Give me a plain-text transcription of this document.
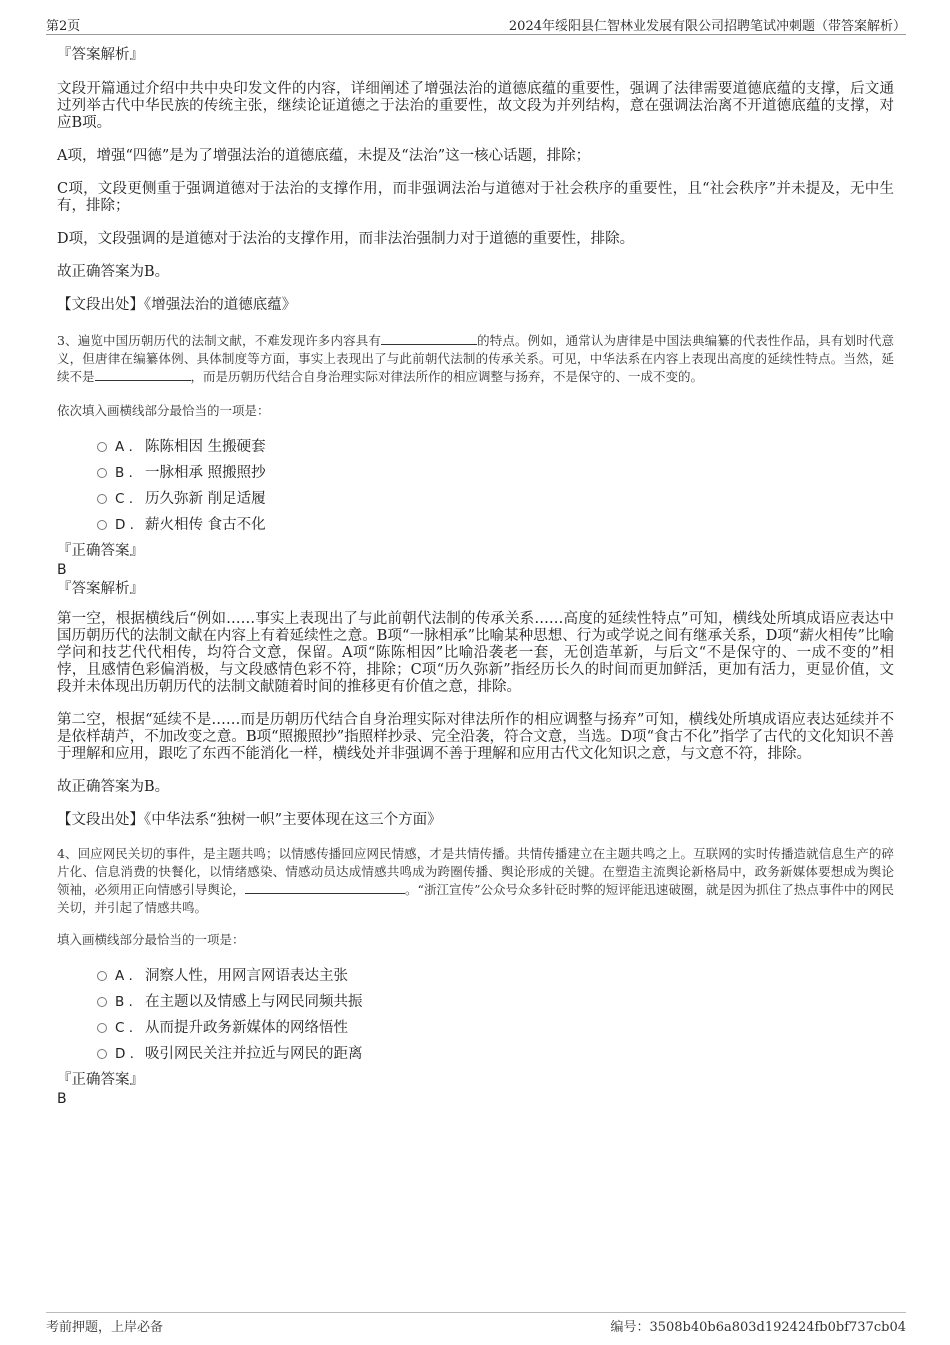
第2页	2024年绥阳县仁智林业发展有限公司招聘笔试冲刺题（带答案解析）

『答案解析』

文段开篇通过介绍中共中央印发文件的内容，详细阐述了增强法治的道德底蕴的重要性，强调了法律需要道德底蕴的支撑，后文通过列举古代中华民族的传统主张，继续论证道德之于法治的重要性，故文段为并列结构，意在强调法治离不开道德底蕴的支撑，对应B项。

A项，增强“四德”是为了增强法治的道德底蕴，未提及“法治”这一核心话题，排除；

C项，文段更侧重于强调道德对于法治的支撑作用，而非强调法治与道德对于社会秩序的重要性，且“社会秩序”并未提及，无中生有，排除；

D项，文段强调的是道德对于法治的支撑作用，而非法治强制力对于道德的重要性，排除。

故正确答案为B。

【文段出处】《增强法治的道德底蕴》

3、遍览中国历朝历代的法制文献，不难发现许多内容具有	的特点。例如，通常认为唐律是中国法典编纂的代表性作品，具有划时代意义，但唐律在编纂体例、具体制度等方面，事实上表现出了与此前朝代法制的传承关系。可见，中华法系在内容上表现出高度的延续性特点。当然，延续不是	，而是历朝历代结合自身治理实际对律法所作的相应调整与扬弃，不是保守的、一成不变的。

依次填入画横线部分最恰当的一项是：

A . 陈陈相因 生搬硬套
B . 一脉相承 照搬照抄
C . 历久弥新 削足适履
D . 薪火相传 食古不化

『正确答案』

B

『答案解析』

第一空，根据横线后“例如……事实上表现出了与此前朝代法制的传承关系……高度的延续性特点”可知，横线处所填成语应表达中国历朝历代的法制文献在内容上有着延续性之意。B项“一脉相承”比喻某种思想、行为或学说之间有继承关系，D项“薪火相传”比喻学问和技艺代代相传，均符合文意，保留。A项“陈陈相因”比喻沿袭老一套，无创造革新，与后文“不是保守的、一成不变的”相悖，且感情色彩偏消极，与文段感情色彩不符，排除；C项“历久弥新”指经历长久的时间而更加鲜活，更加有活力，更显价值，文段并未体现出历朝历代的法制文献随着时间的推移更有价值之意，排除。

第二空，根据“延续不是……而是历朝历代结合自身治理实际对律法所作的相应调整与扬弃”可知，横线处所填成语应表达延续并不是依样葫芦，不加改变之意。B项“照搬照抄”指照样抄录、完全沿袭，符合文意，当选。D项“食古不化”指学了古代的文化知识不善于理解和应用，跟吃了东西不能消化一样，横线处并非强调不善于理解和应用古代文化知识之意，与文意不符，排除。

故正确答案为B。

【文段出处】《中华法系“独树一帜”主要体现在这三个方面》

4、回应网民关切的事件，是主题共鸣；以情感传播回应网民情感，才是共情传播。共情传播建立在主题共鸣之上。互联网的实时传播造就信息生产的碎片化、信息消费的快餐化，以情绪感染、情感动员达成情感共鸣成为跨圈传播、舆论形成的关键。在塑造主流舆论新格局中，政务新媒体要想成为舆论领袖，必须用正向情感引导舆论，	。“浙江宣传”公众号众多针砭时弊的短评能迅速破圈，就是因为抓住了热点事件中的网民关切，并引起了情感共鸣。

填入画横线部分最恰当的一项是：

A . 洞察人性，用网言网语表达主张
B . 在主题以及情感上与网民同频共振
C . 从而提升政务新媒体的网络悟性
D . 吸引网民关注并拉近与网民的距离

『正确答案』

B

考前押题，上岸必备	编号：3508b40b6a803d192424fb0bf737cb04
